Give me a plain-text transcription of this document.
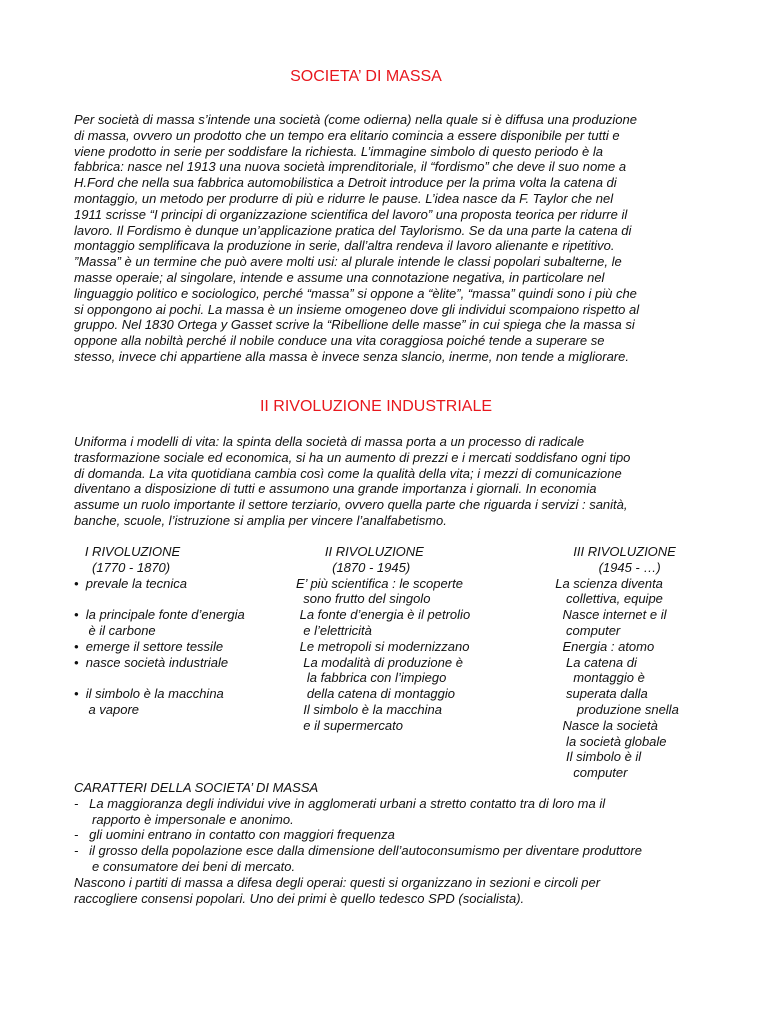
SOCIETA’ DI MASSA
Per società di massa s’intende una società (come odierna) nella quale si è diffusa una produzione
di massa, ovvero un prodotto che un tempo era elitario comincia a essere disponibile per tutti e
viene prodotto in serie per soddisfare la richiesta. L’immagine simbolo di questo periodo è la
fabbrica: nasce nel 1913 una nuova società imprenditoriale, il “fordismo” che deve il suo nome a
H.Ford che nella sua fabbrica automobilistica a Detroit introduce per la prima volta la catena di
montaggio, un metodo per produrre di più e ridurre le pause. L’idea nasce da F. Taylor che nel
1911 scrisse “I principi di organizzazione scientifica del lavoro” una proposta teorica per ridurre il
lavoro. Il Fordismo è dunque un’applicazione pratica del Taylorismo. Se da una parte la catena di
montaggio semplificava la produzione in serie, dall’altra rendeva il lavoro alienante e ripetitivo.
”Massa” è un termine che può avere molti usi: al plurale intende le classi popolari subalterne, le
masse operaie; al singolare, intende e assume una connotazione negativa, in particolare nel
linguaggio politico e sociologico, perché “massa” si oppone a “èlite”, “massa” quindi sono i più che
si oppongono ai pochi. La massa è un insieme omogeneo dove gli individui scompaiono rispetto al
gruppo. Nel 1830 Ortega y Gasset scrive la “Ribellione delle masse” in cui spiega che la massa si
oppone alla nobiltà perché il nobile conduce una vita coraggiosa poiché tende a superare se
stesso, invece chi appartiene alla massa è invece senza slancio, inerme, non tende a migliorare.
II RIVOLUZIONE INDUSTRIALE
Uniforma i modelli di vita: la spinta della società di massa porta a un processo di radicale
trasformazione sociale ed economica, si ha un aumento di prezzi e i mercati soddisfano ogni tipo
di domanda. La vita quotidiana cambia così come la qualità della vita; i mezzi di comunicazione
diventano a disposizione di tutti e assumono una grande importanza i giornali. In economia
assume un ruolo importante il settore terziario, ovvero quella parte che riguarda i servizi : sanità,
banche, scuole, l’istruzione si amplia per vincere l’analfabetismo.
I RIVOLUZIONE
(1770 - 1870)
•  prevale la tecnica

•  la principale fonte d’energia
è il carbone
•  emerge il settore tessile
•  nasce società industriale

•  il simbolo è la macchina
a vapore
II RIVOLUZIONE
(1870 - 1945)
E’ più scientifica : le scoperte
sono frutto del singolo
La fonte d’energia è il petrolio
e l’elettricità
Le metropoli si modernizzano
La modalità di produzione è
la fabbrica con l’impiego
della catena di montaggio
Il simbolo è la macchina
e il supermercato
III RIVOLUZIONE
(1945 - …)
La scienza diventa
collettiva, equipe
Nasce internet e il
computer
Energia : atomo
La catena di
montaggio è
superata dalla
produzione snella
Nasce la società
la società globale
Il simbolo è il
computer
CARATTERI DELLA SOCIETA’ DI MASSA
-   La maggioranza degli individui vive in agglomerati urbani a stretto contatto tra di loro ma il
rapporto è impersonale e anonimo.
-   gli uomini entrano in contatto con maggiori frequenza
-   il grosso della popolazione esce dalla dimensione dell’autoconsumismo per diventare produttore
e consumatore dei beni di mercato.
Nascono i partiti di massa a difesa degli operai: questi si organizzano in sezioni e circoli per
raccogliere consensi popolari. Uno dei primi è quello tedesco SPD (socialista).
